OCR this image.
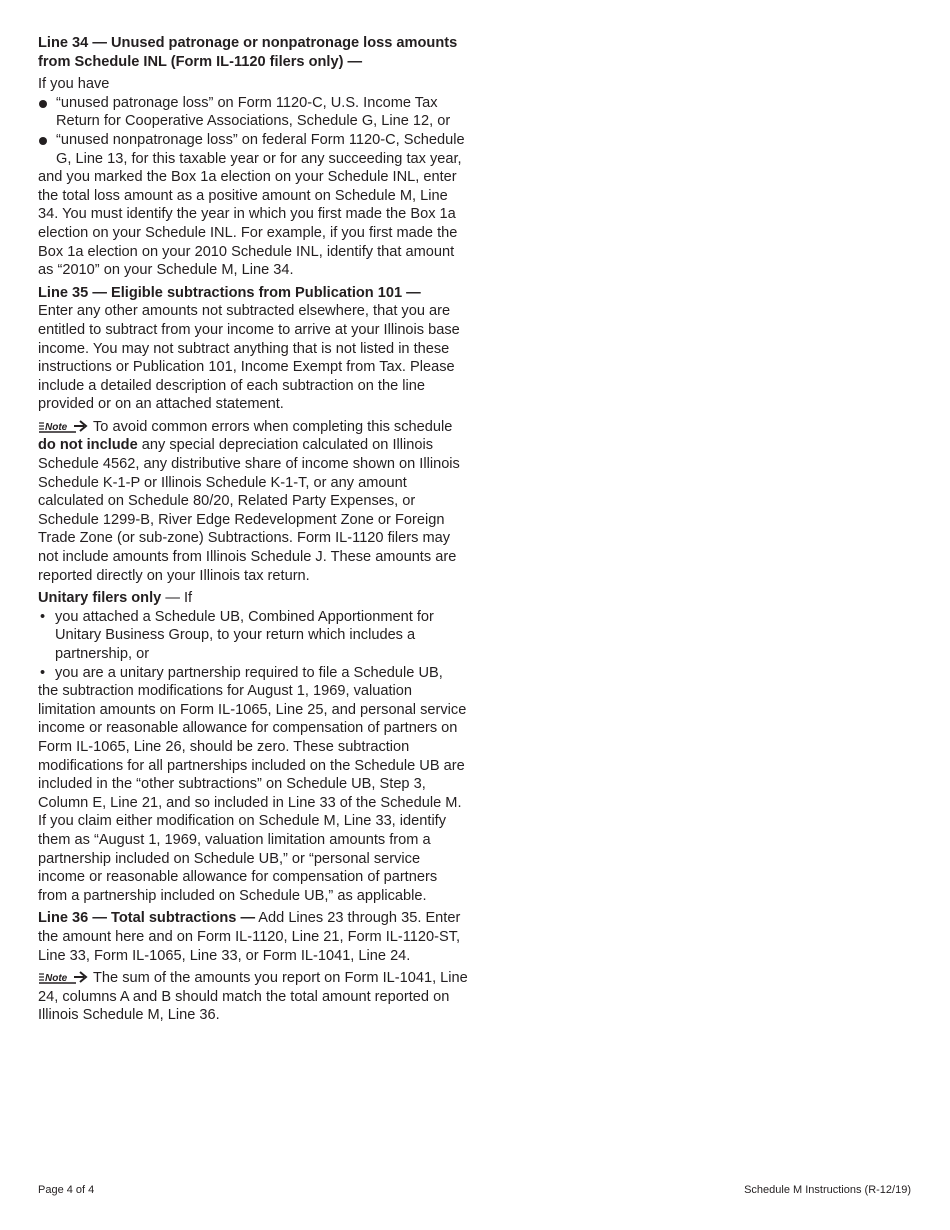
Line 34 — Unused patronage or nonpatronage loss amounts from Schedule INL (Form IL-1120 filers only) —

If you have

“unused patronage loss” on Form 1120-C, U.S. Income Tax Return for Cooperative Associations, Schedule G, Line 12, or
“unused nonpatronage loss” on federal Form 1120-C, Schedule G, Line 13, for this taxable year or for any succeeding tax year,

and you marked the Box 1a election on your Schedule INL, enter the total loss amount as a positive amount on Schedule M, Line 34. You must identify the year in which you first made the Box 1a election on your Schedule INL. For example, if you first made the Box 1a election on your 2010 Schedule INL, identify that amount as “2010” on your Schedule M, Line 34.

Line 35 — Eligible subtractions from Publication 101 —
Enter any other amounts not subtracted elsewhere, that you are entitled to subtract from your income to arrive at your Illinois base income. You may not subtract anything that is not listed in these instructions or Publication 101, Income Exempt from Tax. Please include a detailed description of each subtraction on the line provided or on an attached statement.

Note To avoid common errors when completing this schedule do not include any special depreciation calculated on Illinois Schedule 4562, any distributive share of income shown on Illinois Schedule K-1-P or Illinois Schedule K-1-T, or any amount calculated on Schedule 80/20, Related Party Expenses, or Schedule 1299-B, River Edge Redevelopment Zone or Foreign Trade Zone (or sub-zone) Subtractions. Form IL-1120 filers may not include amounts from Illinois Schedule J. These amounts are reported directly on your Illinois tax return.

Unitary filers only — If

• you attached a Schedule UB, Combined Apportionment for Unitary Business Group, to your return which includes a partnership, or
• you are a unitary partnership required to file a Schedule UB,

the subtraction modifications for August 1, 1969, valuation limitation amounts on Form IL-1065, Line 25, and personal service income or reasonable allowance for compensation of partners on Form IL-1065, Line 26, should be zero. These subtraction modifications for all partnerships included on the Schedule UB are included in the “other subtractions” on Schedule UB, Step 3, Column E, Line 21, and so included in Line 33 of the Schedule M. If you claim either modification on Schedule M, Line 33, identify them as “August 1, 1969, valuation limitation amounts from a partnership included on Schedule UB,” or “personal service income or reasonable allowance for compensation of partners from a partnership included on Schedule UB,” as applicable.

Line 36 — Total subtractions — Add Lines 23 through 35. Enter the amount here and on Form IL-1120, Line 21, Form IL-1120-ST, Line 33, Form IL-1065, Line 33, or Form IL-1041, Line 24.

Note The sum of the amounts you report on Form IL-1041, Line 24, columns A and B should match the total amount reported on Illinois Schedule M, Line 36.

Page 4 of 4	Schedule M Instructions (R-12/19)
